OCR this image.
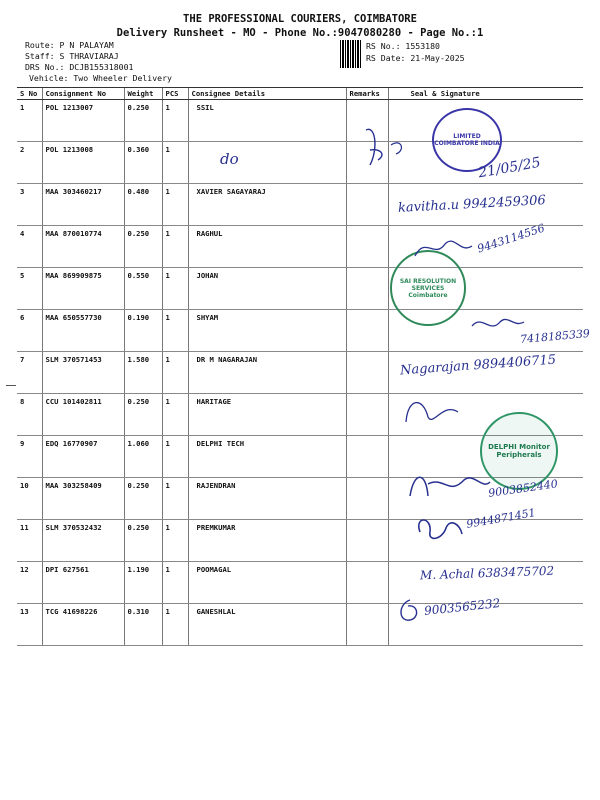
THE PROFESSIONAL COURIERS, COIMBATORE
Delivery Runsheet - MO - Phone No.:9047080280 - Page No.:1
Route: P N PALAYAM
Staff: S THRAVIARAJ
DRS No.: DCJB155318001
Vehicle: Two Wheeler Delivery
RS No.: 1553180
RS Date: 21-May-2025
S No	Consignment No	Weight	PCS	Consignee Details	Remarks	Seal & Signature
1	POL 1213007	0.250	1	SSIL		
2	POL 1213008	0.360	1			
3	MAA 303460217	0.480	1	XAVIER SAGAYARAJ		
4	MAA 870010774	0.250	1	RAGHUL		
5	MAA 869909875	0.550	1	JOHAN		
6	MAA 650557730	0.190	1	SHYAM		
7	SLM 370571453	1.580	1	DR M NAGARAJAN		
8	CCU 101402811	0.250	1	HARITAGE		
9	EDQ 16770907	1.060	1	DELPHI TECH		
10	MAA 303258409	0.250	1	RAJENDRAN		
11	SLM 370532432	0.250	1	PREMKUMAR		
12	DPI 627561	1.190	1	POOMAGAL		
13	TCG 41698226	0.310	1	GANESHLAL		
LIMITED COIMBATORE INDIA
SAI RESOLUTION SERVICES Coimbatore
DELPHI Monitor Peripherals
do	21/05/25
kavitha.u 9942459306
9443114556
7418185339
Nagarajan 9894406715
9003852440
9944871451
M. Achal 6383475702
9003565232
